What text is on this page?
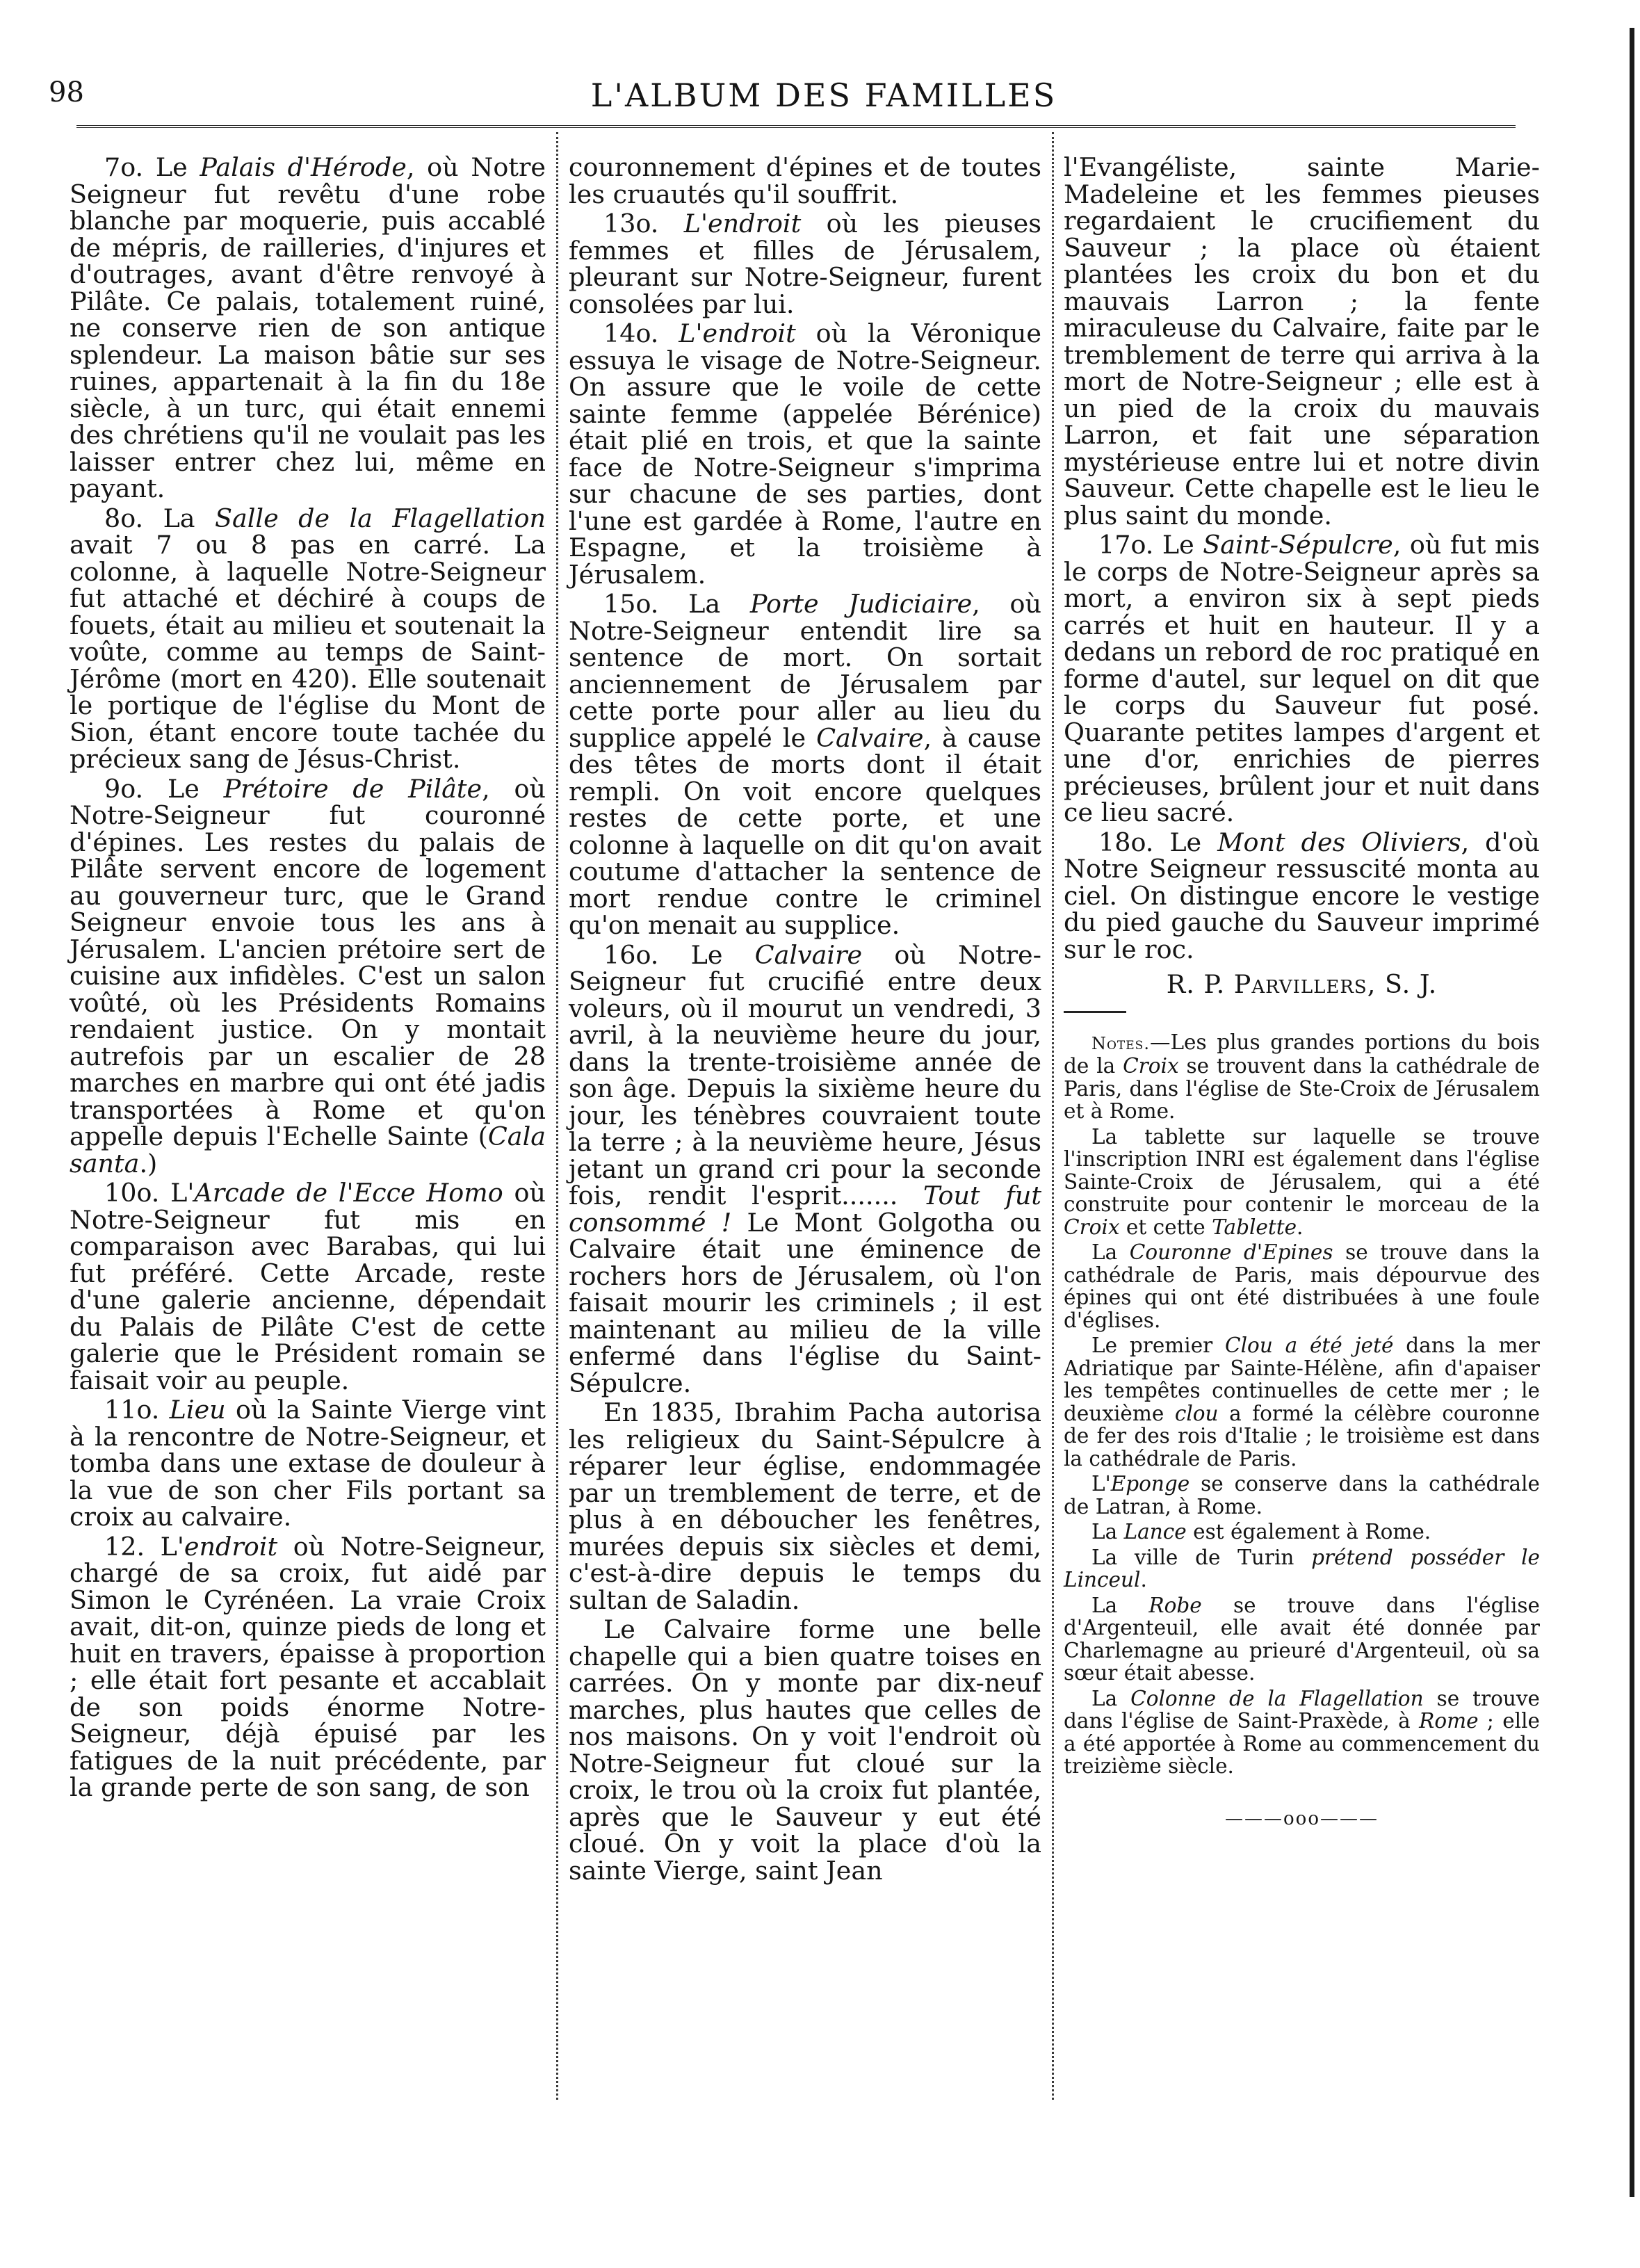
98	L'ALBUM DES FAMILLES

7o. Le Palais d'Hérode, où Notre Seigneur fut revêtu d'une robe blanche par moquerie, puis accablé de mépris, de railleries, d'injures et d'outrages, avant d'être renvoyé à Pilâte. Ce palais, totalement ruiné, ne conserve rien de son antique splendeur. La maison bâtie sur ses ruines, appartenait à la fin du 18e siècle, à un turc, qui était ennemi des chrétiens qu'il ne voulait pas les laisser entrer chez lui, même en payant.

8o. La Salle de la Flagellation avait 7 ou 8 pas en carré. La colonne, à laquelle Notre-Seigneur fut attaché et déchiré à coups de fouets, était au milieu et soutenait la voûte, comme au temps de Saint-Jérôme (mort en 420). Elle soutenait le portique de l'église du Mont de Sion, étant encore toute tachée du précieux sang de Jésus-Christ.

9o. Le Prétoire de Pilâte, où Notre-Seigneur fut couronné d'épines. Les restes du palais de Pilâte servent encore de logement au gouverneur turc, que le Grand Seigneur envoie tous les ans à Jérusalem. L'ancien prétoire sert de cuisine aux infidèles. C'est un salon voûté, où les Présidents Romains rendaient justice. On y montait autrefois par un escalier de 28 marches en marbre qui ont été jadis transportées à Rome et qu'on appelle depuis l'Echelle Sainte (Cala santa.)

10o. L'Arcade de l'Ecce Homo où Notre-Seigneur fut mis en comparaison avec Barabas, qui lui fut préféré. Cette Arcade, reste d'une galerie ancienne, dépendait du Palais de Pilâte C'est de cette galerie que le Président romain se faisait voir au peuple.

11o. Lieu où la Sainte Vierge vint à la rencontre de Notre-Seigneur, et tomba dans une extase de douleur à la vue de son cher Fils portant sa croix au calvaire.

12. L'endroit où Notre-Seigneur, chargé de sa croix, fut aidé par Simon le Cyrénéen. La vraie Croix avait, dit-on, quinze pieds de long et huit en travers, épaisse à proportion ; elle était fort pesante et accablait de son poids énorme Notre-Seigneur, déjà épuisé par les fatigues de la nuit précédente, par la grande perte de son sang, de son

couronnement d'épines et de toutes les cruautés qu'il souffrit.

13o. L'endroit où les pieuses femmes et filles de Jérusalem, pleurant sur Notre-Seigneur, furent consolées par lui.

14o. L'endroit où la Véronique essuya le visage de Notre-Seigneur. On assure que le voile de cette sainte femme (appelée Bérénice) était plié en trois, et que la sainte face de Notre-Seigneur s'imprima sur chacune de ses parties, dont l'une est gardée à Rome, l'autre en Espagne, et la troisième à Jérusalem.

15o. La Porte Judiciaire, où Notre-Seigneur entendit lire sa sentence de mort. On sortait anciennement de Jérusalem par cette porte pour aller au lieu du supplice appelé le Calvaire, à cause des têtes de morts dont il était rempli. On voit encore quelques restes de cette porte, et une colonne à laquelle on dit qu'on avait coutume d'attacher la sentence de mort rendue contre le criminel qu'on menait au supplice.

16o. Le Calvaire où Notre-Seigneur fut crucifié entre deux voleurs, où il mourut un vendredi, 3 avril, à la neuvième heure du jour, dans la trente-troisième année de son âge. Depuis la sixième heure du jour, les ténèbres couvraient toute la terre ; à la neuvième heure, Jésus jetant un grand cri pour la seconde fois, rendit l'esprit....... Tout fut consommé ! Le Mont Golgotha ou Calvaire était une éminence de rochers hors de Jérusalem, où l'on faisait mourir les criminels ; il est maintenant au milieu de la ville enfermé dans l'église du Saint-Sépulcre.

En 1835, Ibrahim Pacha autorisa les religieux du Saint-Sépulcre à réparer leur église, endommagée par un tremblement de terre, et de plus à en déboucher les fenêtres, murées depuis six siècles et demi, c'est-à-dire depuis le temps du sultan de Saladin.

Le Calvaire forme une belle chapelle qui a bien quatre toises en carrées. On y monte par dix-neuf marches, plus hautes que celles de nos maisons. On y voit l'endroit où Notre-Seigneur fut cloué sur la croix, le trou où la croix fut plantée, après que le Sauveur y eut été cloué. On y voit la place d'où la sainte Vierge, saint Jean

l'Evangéliste, sainte Marie-Madeleine et les femmes pieuses regardaient le crucifiement du Sauveur ; la place où étaient plantées les croix du bon et du mauvais Larron ; la fente miraculeuse du Calvaire, faite par le tremblement de terre qui arriva à la mort de Notre-Seigneur ; elle est à un pied de la croix du mauvais Larron, et fait une séparation mystérieuse entre lui et notre divin Sauveur. Cette chapelle est le lieu le plus saint du monde.

17o. Le Saint-Sépulcre, où fut mis le corps de Notre-Seigneur après sa mort, a environ six à sept pieds carrés et huit en hauteur. Il y a dedans un rebord de roc pratiqué en forme d'autel, sur lequel on dit que le corps du Sauveur fut posé. Quarante petites lampes d'argent et une d'or, enrichies de pierres précieuses, brûlent jour et nuit dans ce lieu sacré.

18o. Le Mont des Oliviers, d'où Notre Seigneur ressuscité monta au ciel. On distingue encore le vestige du pied gauche du Sauveur imprimé sur le roc.

R. P. Parvillers, S. J.

Notes.—Les plus grandes portions du bois de la Croix se trouvent dans la cathédrale de Paris, dans l'église de Ste-Croix de Jérusalem et à Rome.

La tablette sur laquelle se trouve l'inscription INRI est également dans l'église Sainte-Croix de Jérusalem, qui a été construite pour contenir le morceau de la Croix et cette Tablette.

La Couronne d'Epines se trouve dans la cathédrale de Paris, mais dépourvue des épines qui ont été distribuées à une foule d'églises.

Le premier Clou a été jeté dans la mer Adriatique par Sainte-Hélène, afin d'apaiser les tempêtes continuelles de cette mer ; le deuxième clou a formé la célèbre couronne de fer des rois d'Italie ; le troisième est dans la cathédrale de Paris.

L'Eponge se conserve dans la cathédrale de Latran, à Rome.

La Lance est également à Rome.

La ville de Turin prétend posséder le Linceul.

La Robe se trouve dans l'église d'Argenteuil, elle avait été donnée par Charlemagne au prieuré d'Argenteuil, où sa sœur était abesse.

La Colonne de la Flagellation se trouve dans l'église de Saint-Praxède, à Rome ; elle a été apportée à Rome au commencement du treizième siècle.

———ooo———
